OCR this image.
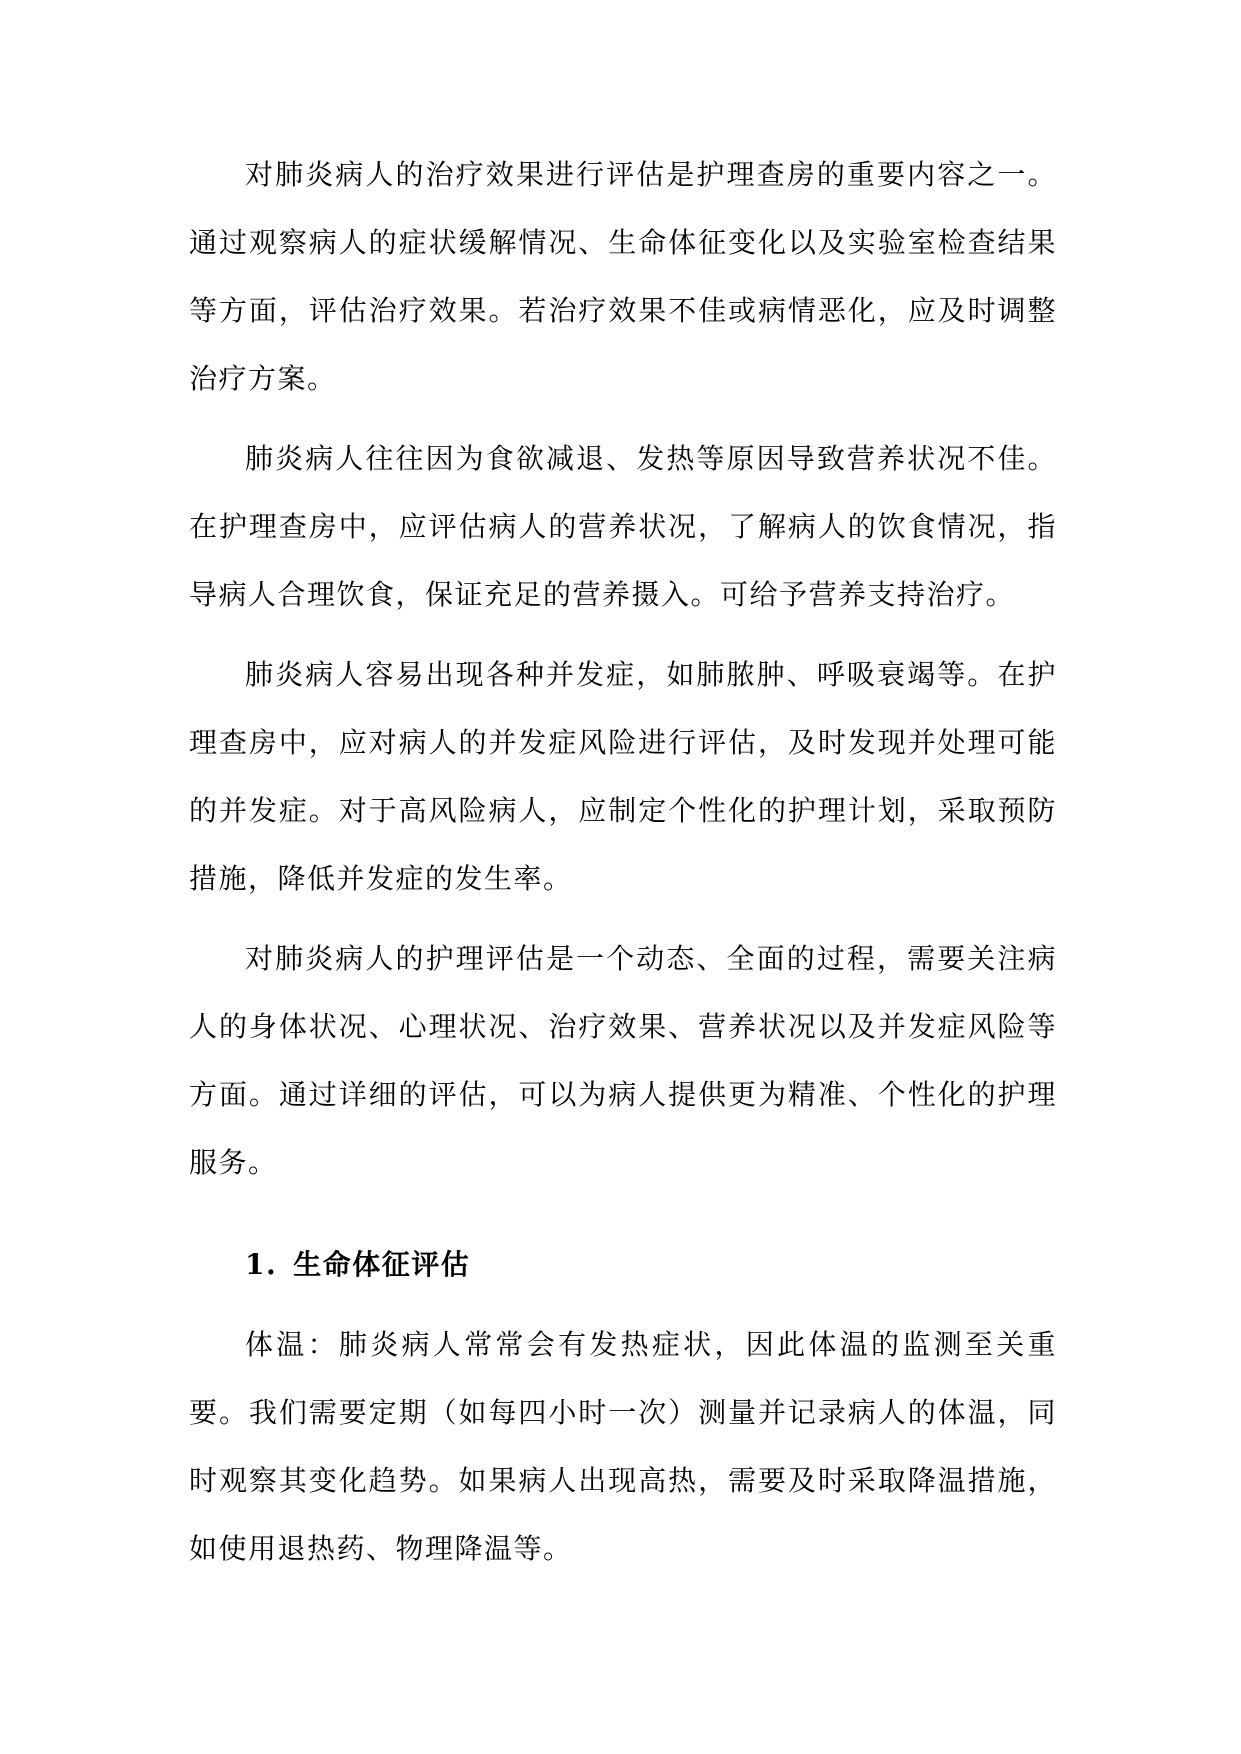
对肺炎病人的治疗效果进行评估是护理查房的重要内容之一。通过观察病人的症状缓解情况、生命体征变化以及实验室检查结果等方面，评估治疗效果。若治疗效果不佳或病情恶化，应及时调整治疗方案。

肺炎病人往往因为食欲减退、发热等原因导致营养状况不佳。在护理查房中，应评估病人的营养状况，了解病人的饮食情况，指导病人合理饮食，保证充足的营养摄入。可给予营养支持治疗。

肺炎病人容易出现各种并发症，如肺脓肿、呼吸衰竭等。在护理查房中，应对病人的并发症风险进行评估，及时发现并处理可能的并发症。对于高风险病人，应制定个性化的护理计划，采取预防措施，降低并发症的发生率。

对肺炎病人的护理评估是一个动态、全面的过程，需要关注病人的身体状况、心理状况、治疗效果、营养状况以及并发症风险等方面。通过详细的评估，可以为病人提供更为精准、个性化的护理服务。

1. 生命体征评估

体温：肺炎病人常常会有发热症状，因此体温的监测至关重要。我们需要定期（如每四小时一次）测量并记录病人的体温，同时观察其变化趋势。如果病人出现高热，需要及时采取降温措施，如使用退热药、物理降温等。
